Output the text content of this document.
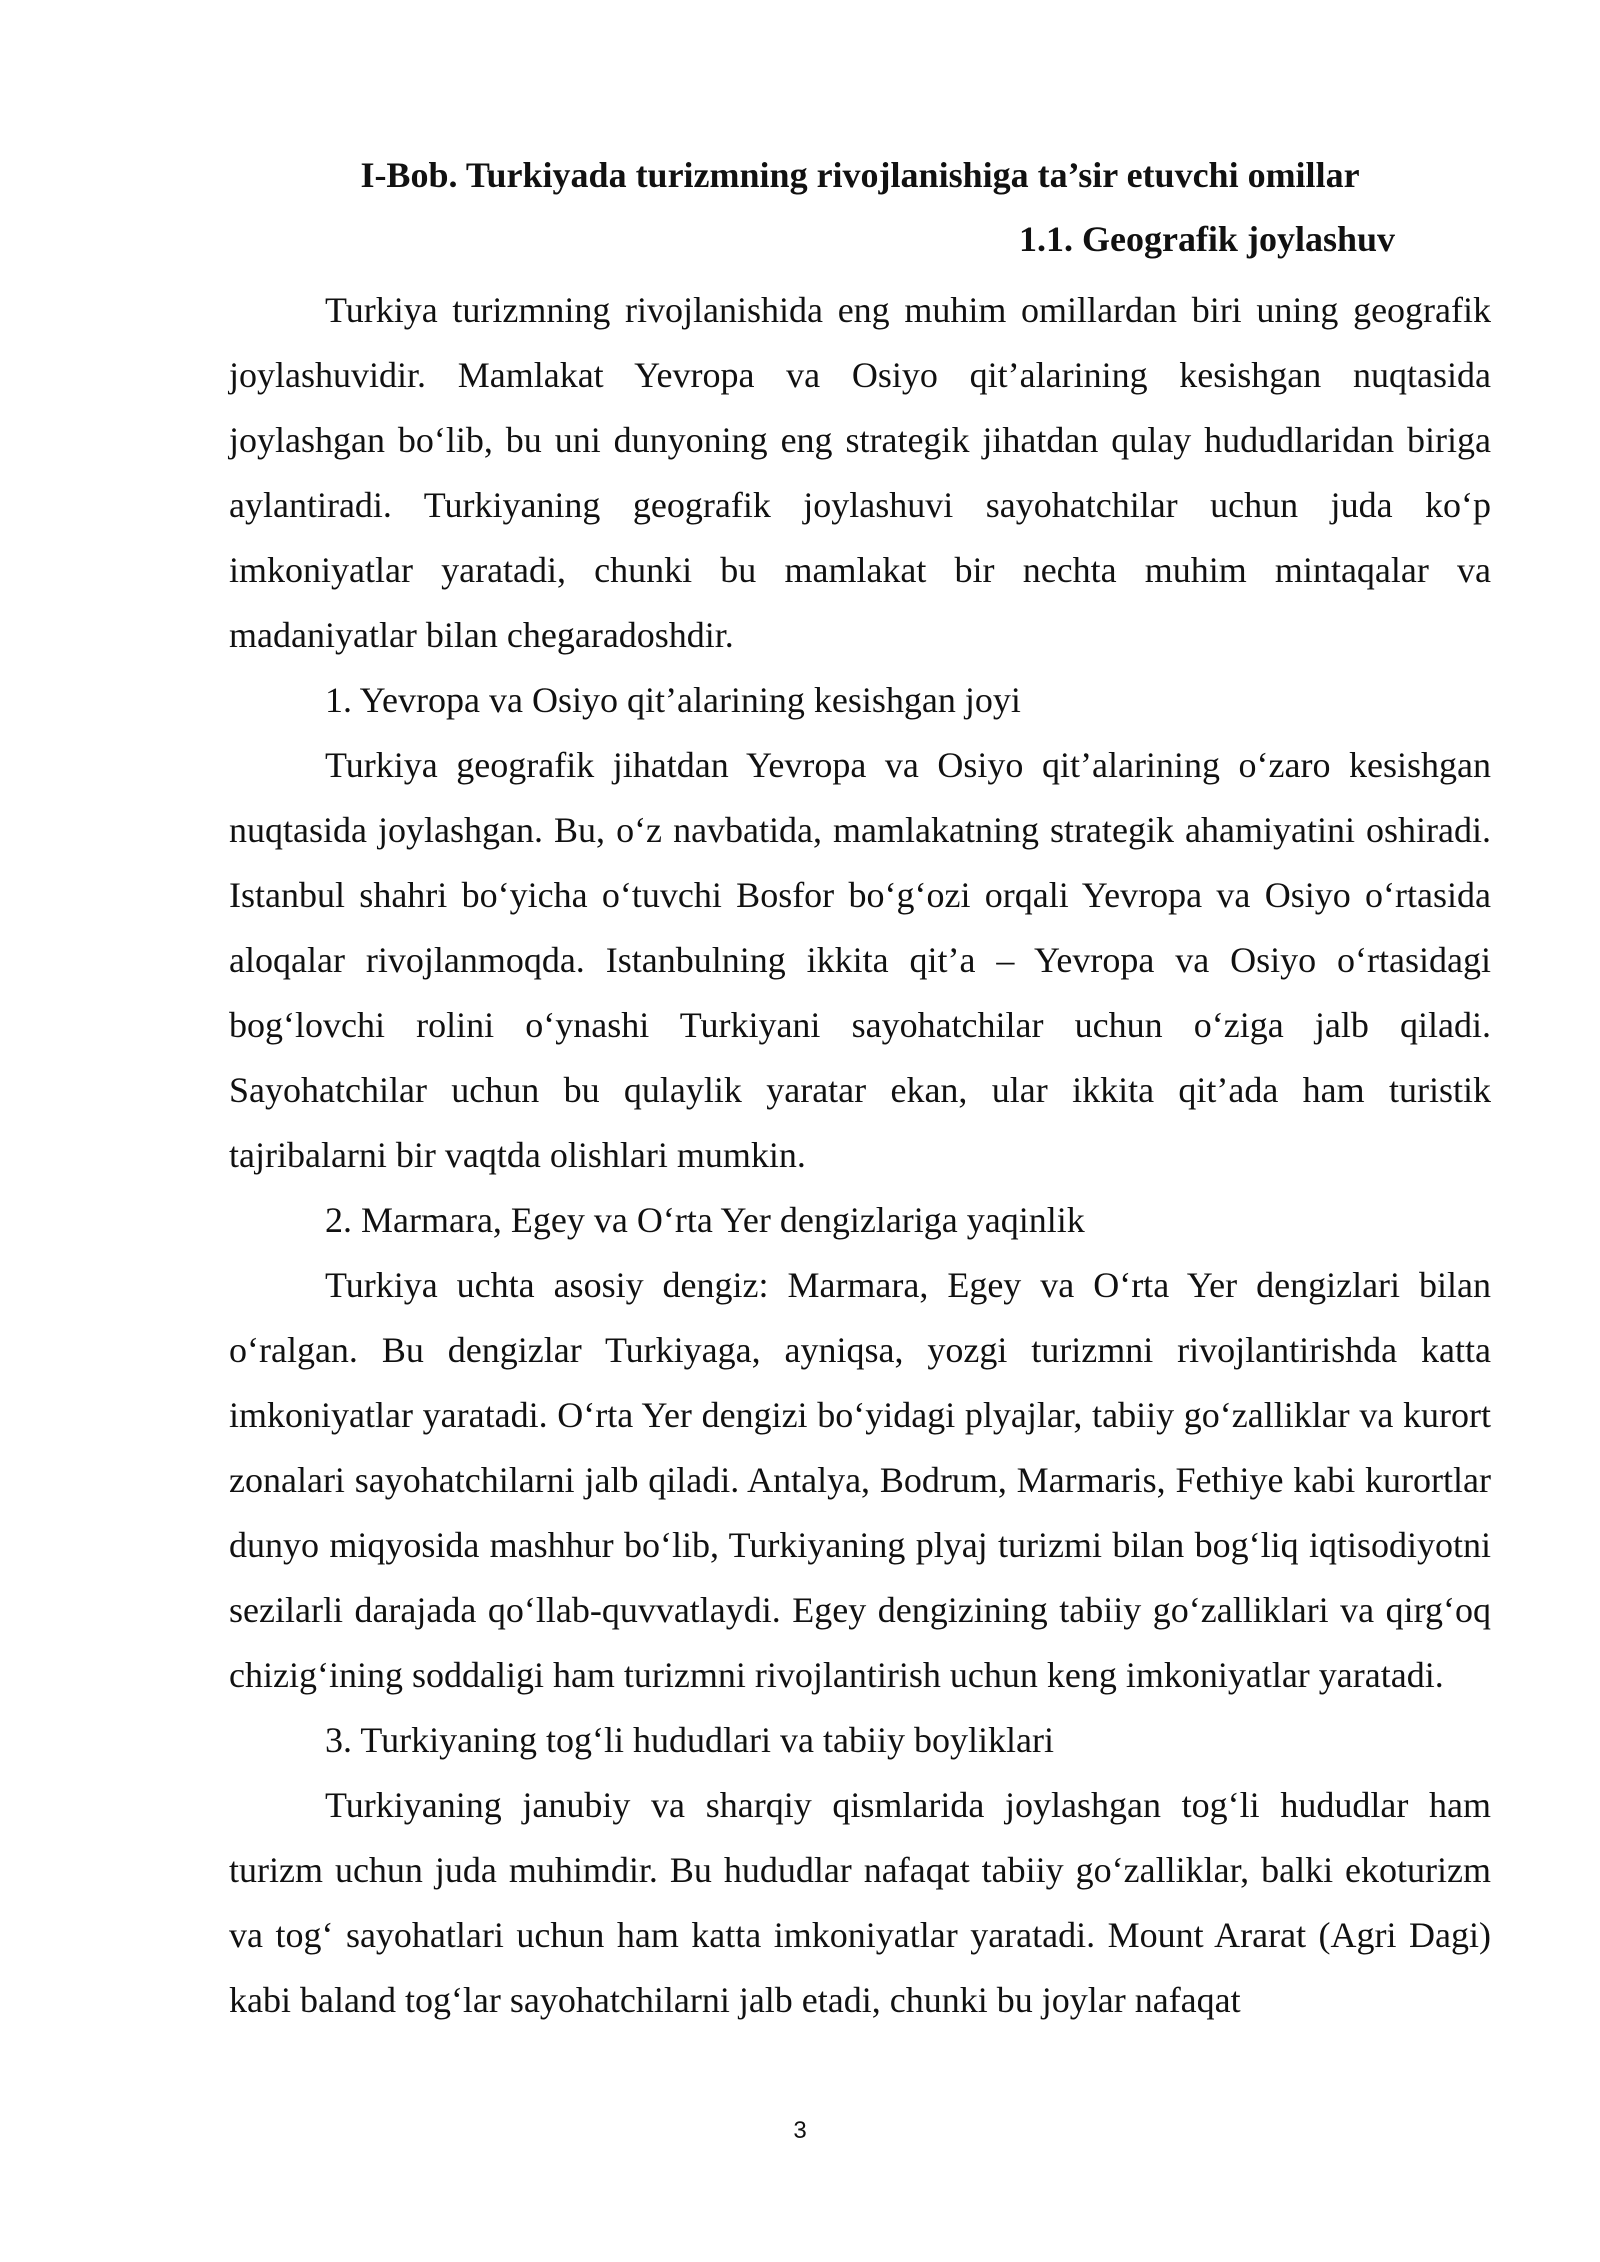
I-Bob. Turkiyada turizmning rivojlanishiga ta’sir etuvchi omillar
1.1. Geografik joylashuv

Turkiya turizmning rivojlanishida eng muhim omillardan biri uning geografik joylashuvidir. Mamlakat Yevropa va Osiyo qit’alarining kesishgan nuqtasida joylashgan bo‘lib, bu uni dunyoning eng strategik jihatdan qulay hududlaridan biriga aylantiradi. Turkiyaning geografik joylashuvi sayohatchilar uchun juda ko‘p imkoniyatlar yaratadi, chunki bu mamlakat bir nechta muhim mintaqalar va madaniyatlar bilan chegaradoshdir.

1. Yevropa va Osiyo qit’alarining kesishgan joyi

Turkiya geografik jihatdan Yevropa va Osiyo qit’alarining o‘zaro kesishgan nuqtasida joylashgan. Bu, o‘z navbatida, mamlakatning strategik ahamiyatini oshiradi. Istanbul shahri bo‘yicha o‘tuvchi Bosfor bo‘g‘ozi orqali Yevropa va Osiyo o‘rtasida aloqalar rivojlanmoqda. Istanbulning ikkita qit’a – Yevropa va Osiyo o‘rtasidagi bog‘lovchi rolini o‘ynashi Turkiyani sayohatchilar uchun o‘ziga jalb qiladi. Sayohatchilar uchun bu qulaylik yaratar ekan, ular ikkita qit’ada ham turistik tajribalarni bir vaqtda olishlari mumkin.

2. Marmara, Egey va O‘rta Yer dengizlariga yaqinlik

Turkiya uchta asosiy dengiz: Marmara, Egey va O‘rta Yer dengizlari bilan o‘ralgan. Bu dengizlar Turkiyaga, ayniqsa, yozgi turizmni rivojlantirishda katta imkoniyatlar yaratadi. O‘rta Yer dengizi bo‘yidagi plyajlar, tabiiy go‘zalliklar va kurort zonalari sayohatchilarni jalb qiladi. Antalya, Bodrum, Marmaris, Fethiye kabi kurortlar dunyo miqyosida mashhur bo‘lib, Turkiyaning plyaj turizmi bilan bog‘liq iqtisodiyotni sezilarli darajada qo‘llab-quvvatlaydi. Egey dengizining tabiiy go‘zalliklari va qirg‘oq chizig‘ining soddaligi ham turizmni rivojlantirish uchun keng imkoniyatlar yaratadi.

3. Turkiyaning tog‘li hududlari va tabiiy boyliklari

Turkiyaning janubiy va sharqiy qismlarida joylashgan tog‘li hududlar ham turizm uchun juda muhimdir. Bu hududlar nafaqat tabiiy go‘zalliklar, balki ekoturizm va tog‘ sayohatlari uchun ham katta imkoniyatlar yaratadi. Mount Ararat (Agri Dagi) kabi baland tog‘lar sayohatchilarni jalb etadi, chunki bu joylar nafaqat

3
